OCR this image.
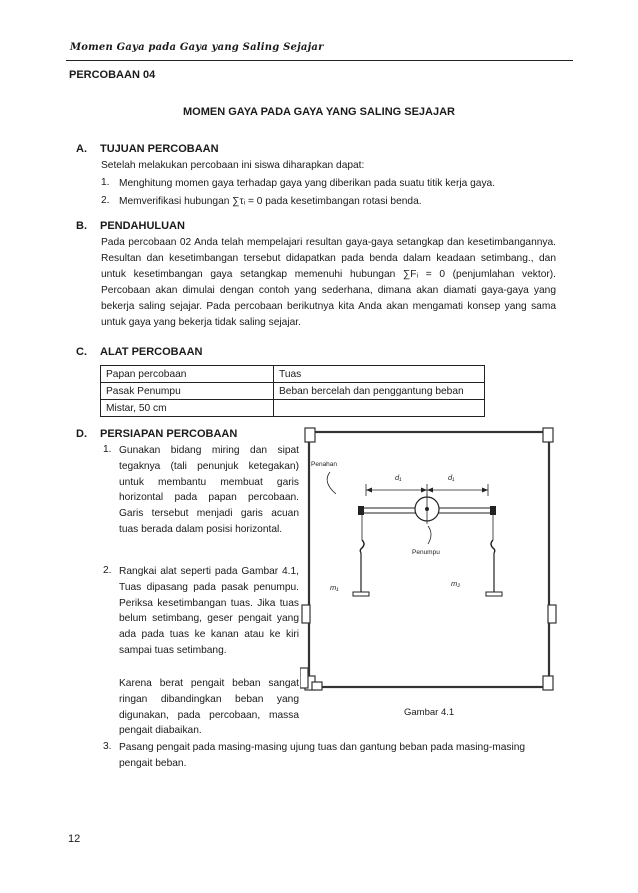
Momen Gaya pada Gaya yang Saling Sejajar
PERCOBAAN 04
MOMEN GAYA PADA GAYA YANG SALING SEJAJAR
A. TUJUAN PERCOBAAN
Setelah melakukan percobaan ini siswa diharapkan dapat:
1. Menghitung momen gaya terhadap gaya yang diberikan pada suatu titik kerja gaya.
2. Memverifikasi hubungan ∑τᵢ = 0 pada kesetimbangan rotasi benda.
B. PENDAHULUAN
Pada percobaan 02 Anda telah mempelajari resultan gaya-gaya setangkap dan kesetimbangannya. Resultan dan kesetimbangan tersebut didapatkan pada benda dalam keadaan setimbang., dan untuk kesetimbangan gaya setangkap memenuhi hubungan ∑Fᵢ = 0 (penjumlahan vektor). Percobaan akan dimulai dengan contoh yang sederhana, dimana akan diamati gaya-gaya yang bekerja saling sejajar. Pada percobaan berikutnya kita Anda akan mengamati konsep yang sama untuk gaya yang bekerja tidak saling sejajar.
C. ALAT PERCOBAAN
Papan percobaan	Tuas
Pasak Penumpu	Beban bercelah dan penggantung beban
Mistar, 50 cm	
D. PERSIAPAN PERCOBAAN
1. Gunakan bidang miring dan sipat tegaknya (tali penunjuk ketegakan) untuk membantu membuat garis horizontal pada papan percobaan. Garis tersebut menjadi garis acuan tuas berada dalam posisi horizontal.
2. Rangkai alat seperti pada Gambar 4.1, Tuas dipasang pada pasak penumpu. Periksa kesetimbangan tuas. Jika tuas belum setimbang, geser pengait yang ada pada tuas ke kanan atau ke kiri sampai tuas setimbang.
Karena berat pengait beban sangat ringan dibandingkan beban yang digunakan, pada percobaan, massa pengait diabaikan.
3. Pasang pengait pada masing-masing ujung tuas dan gantung beban pada masing-masing pengait beban.
Penahan
d₁	d₁
Penumpu
m₁	m₂
Gambar 4.1
12
